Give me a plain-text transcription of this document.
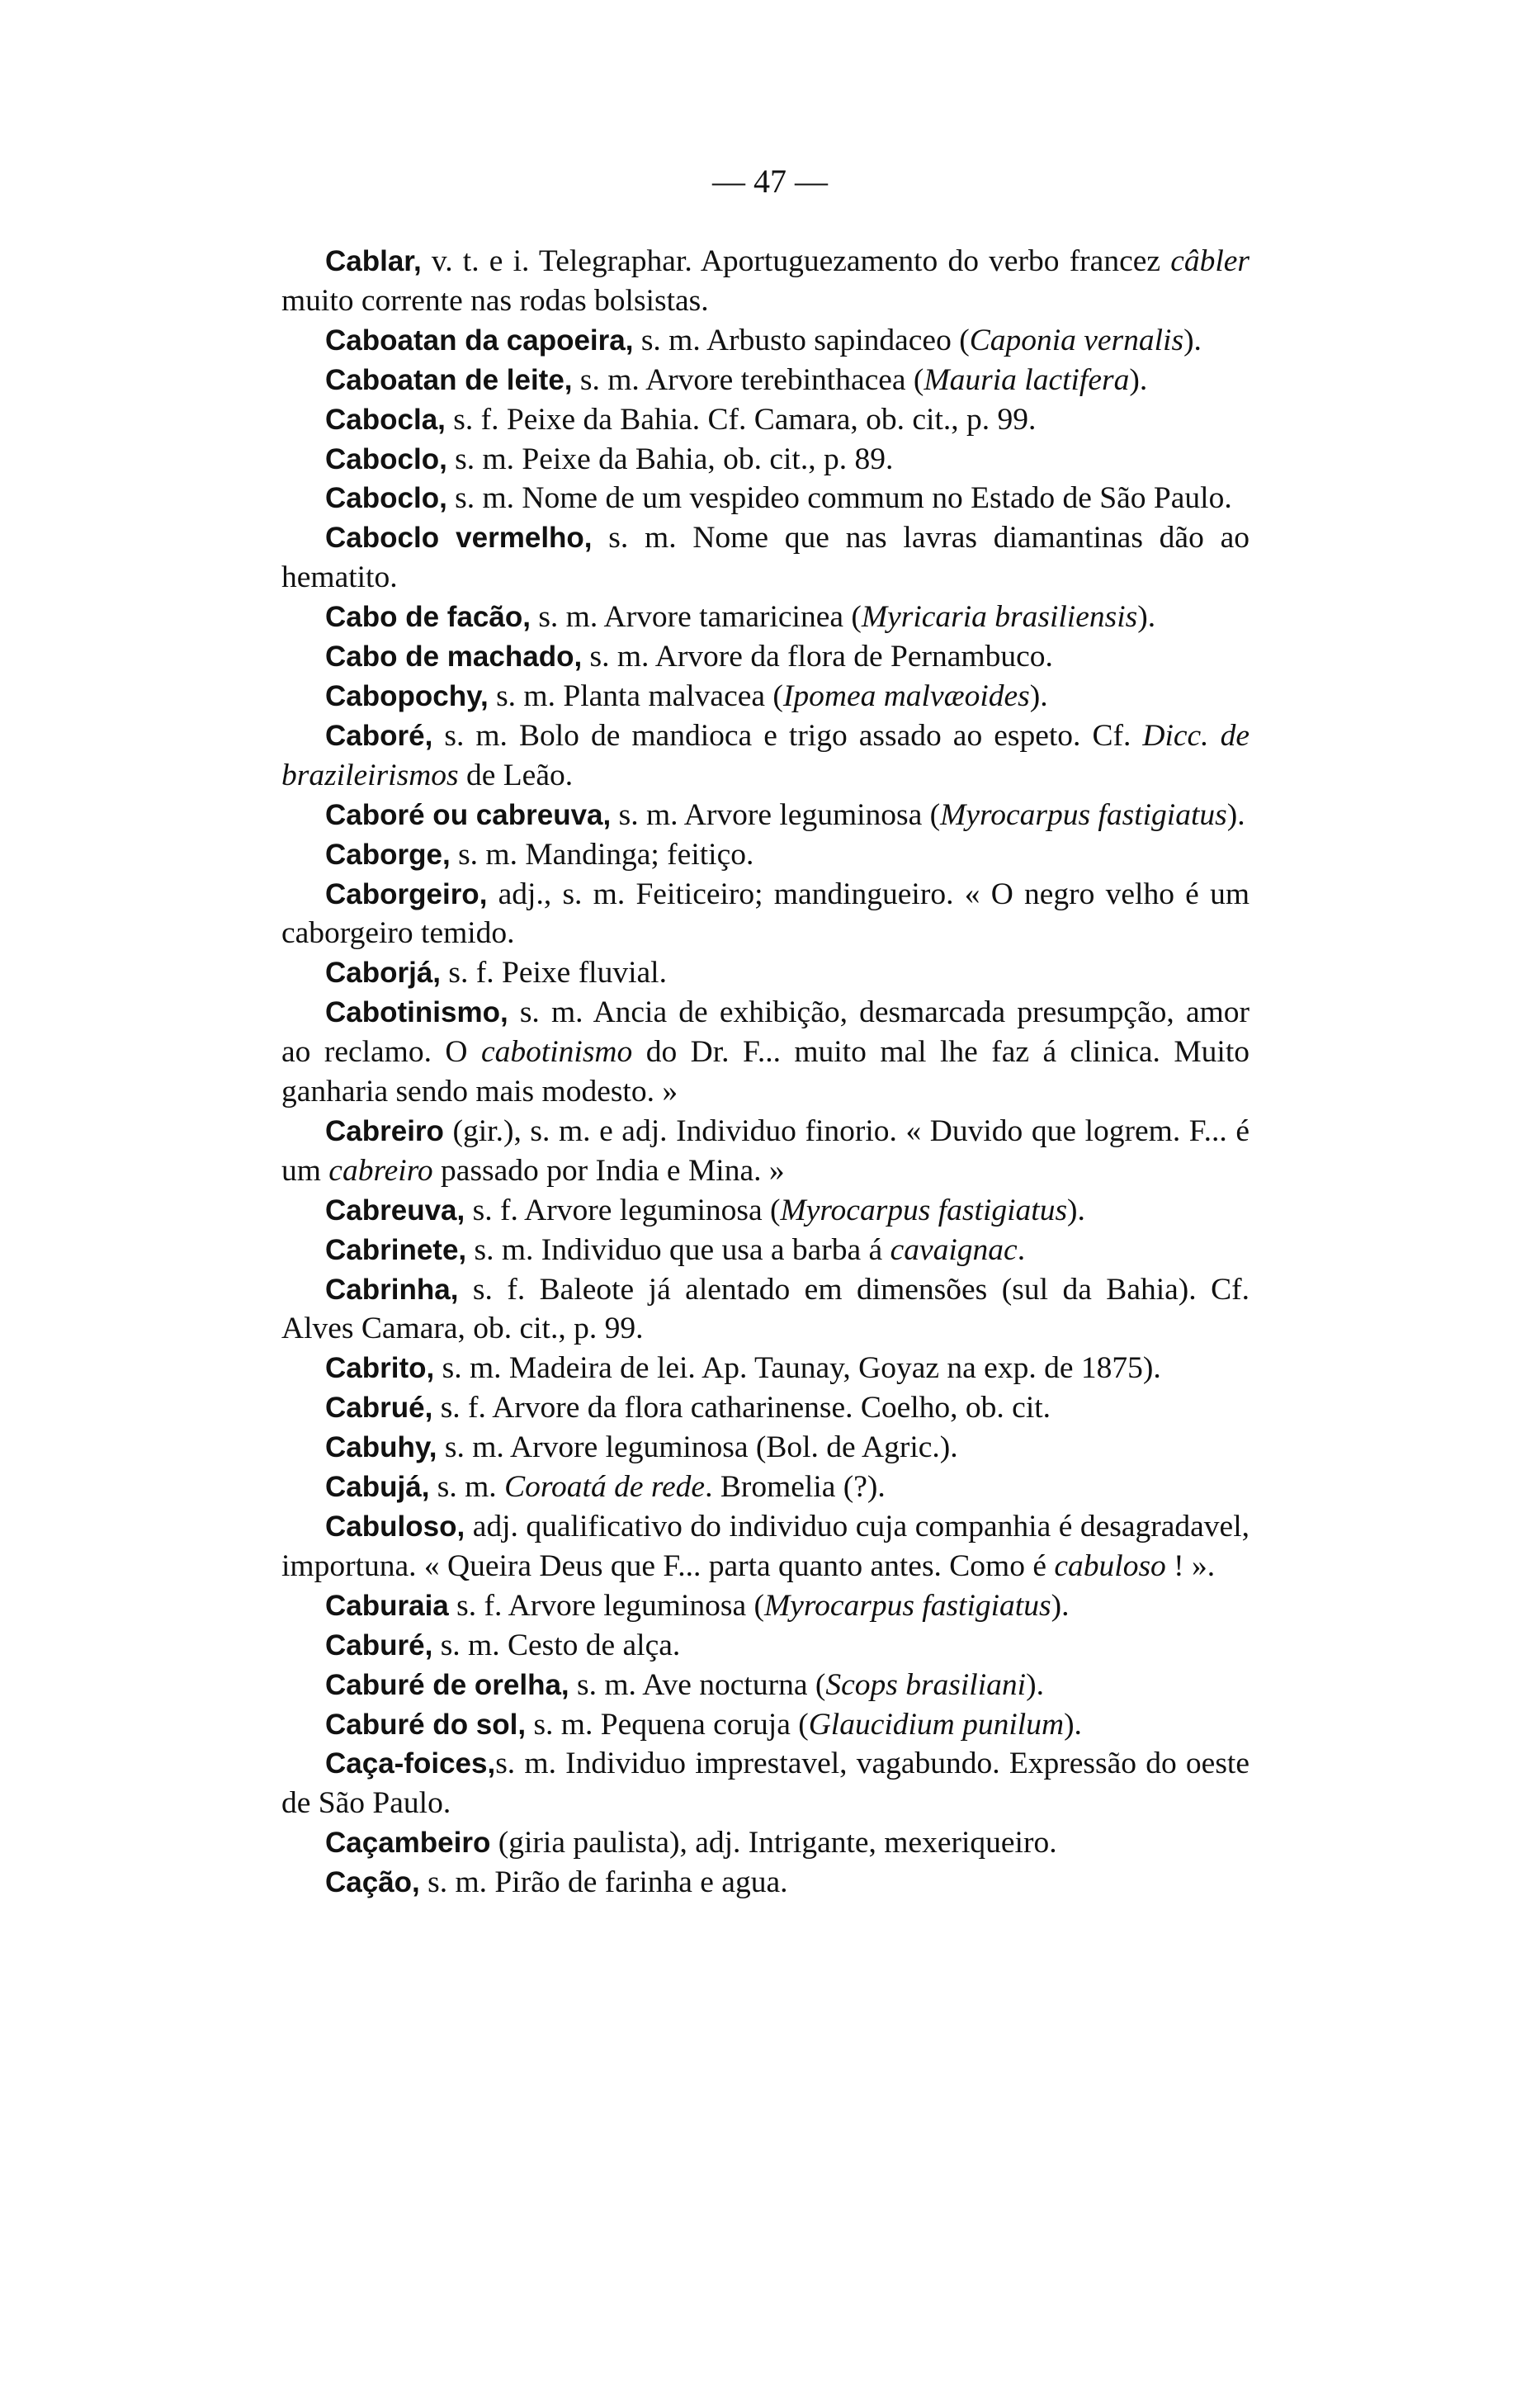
— 47 —

Cablar, v. t. e i. Telegraphar. Aportuguezamento do verbo francez câbler muito corrente nas rodas bolsistas.

Caboatan da capoeira, s. m. Arbusto sapindaceo (Caponia vernalis).

Caboatan de leite, s. m. Arvore terebinthacea (Mauria lactifera).

Cabocla, s. f. Peixe da Bahia. Cf. Camara, ob. cit., p. 99.

Caboclo, s. m. Peixe da Bahia, ob. cit., p. 89.

Caboclo, s. m. Nome de um vespideo commum no Estado de São Paulo.

Caboclo vermelho, s. m. Nome que nas lavras diamantinas dão ao hematito.

Cabo de facão, s. m. Arvore tamaricinea (Myricaria brasiliensis).

Cabo de machado, s. m. Arvore da flora de Pernambuco.

Cabopochy, s. m. Planta malvacea (Ipomea malvæoides).

Caboré, s. m. Bolo de mandioca e trigo assado ao espeto. Cf. Dicc. de brazileirismos de Leão.

Caboré ou cabreuva, s. m. Arvore leguminosa (Myrocarpus fastigiatus).

Caborge, s. m. Mandinga; feitiço.

Caborgeiro, adj., s. m. Feiticeiro; mandingueiro. « O negro velho é um caborgeiro temido.

Caborjá, s. f. Peixe fluvial.

Cabotinismo, s. m. Ancia de exhibição, desmarcada presumpção, amor ao reclamo. O cabotinismo do Dr. F... muito mal lhe faz á clinica. Muito ganharia sendo mais modesto. »

Cabreiro (gir.), s. m. e adj. Individuo finorio. « Duvido que logrem. F... é um cabreiro passado por India e Mina. »

Cabreuva, s. f. Arvore leguminosa (Myrocarpus fastigiatus).

Cabrinete, s. m. Individuo que usa a barba á cavaignac.

Cabrinha, s. f. Baleote já alentado em dimensões (sul da Bahia). Cf. Alves Camara, ob. cit., p. 99.

Cabrito, s. m. Madeira de lei. Ap. Taunay, Goyaz na exp. de 1875).

Cabrué, s. f. Arvore da flora catharinense. Coelho, ob. cit.

Cabuhy, s. m. Arvore leguminosa (Bol. de Agric.).

Cabujá, s. m. Coroatá de rede. Bromelia (?).

Cabuloso, adj. qualificativo do individuo cuja companhia é desagradavel, importuna. « Queira Deus que F... parta quanto antes. Como é cabuloso ! ».

Caburaia s. f. Arvore leguminosa (Myrocarpus fastigiatus).

Caburé, s. m. Cesto de alça.

Caburé de orelha, s. m. Ave nocturna (Scops brasiliani).

Caburé do sol, s. m. Pequena coruja (Glaucidium punilum).

Caça-foices,s. m. Individuo imprestavel, vagabundo. Expressão do oeste de São Paulo.

Caçambeiro (giria paulista), adj. Intrigante, mexeriqueiro.

Cação, s. m. Pirão de farinha e agua.
